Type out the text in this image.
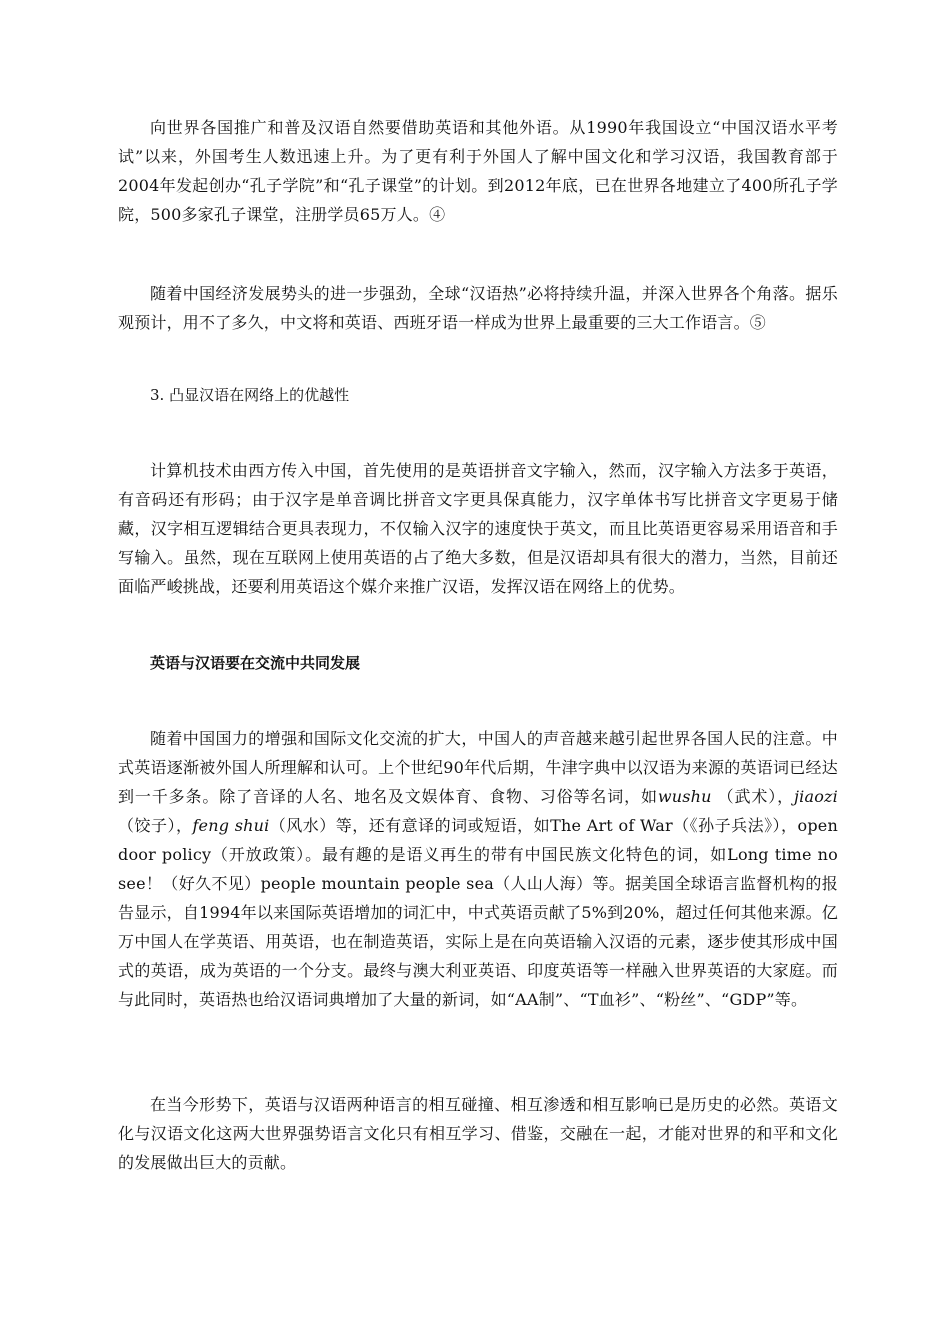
向世界各国推广和普及汉语自然要借助英语和其他外语。从1990年我国设立“中国汉语水平考试”以来，外国考生人数迅速上升。为了更有利于外国人了解中国文化和学习汉语，我国教育部于2004年发起创办“孔子学院”和“孔子课堂”的计划。到2012年底，已在世界各地建立了400所孔子学院，500多家孔子课堂，注册学员65万人。④

随着中国经济发展势头的进一步强劲，全球“汉语热”必将持续升温，并深入世界各个角落。据乐观预计，用不了多久，中文将和英语、西班牙语一样成为世界上最重要的三大工作语言。⑤

3. 凸显汉语在网络上的优越性

计算机技术由西方传入中国，首先使用的是英语拼音文字输入，然而，汉字输入方法多于英语，有音码还有形码；由于汉字是单音调比拼音文字更具保真能力，汉字单体书写比拼音文字更易于储藏，汉字相互逻辑结合更具表现力，不仅输入汉字的速度快于英文，而且比英语更容易采用语音和手写输入。虽然，现在互联网上使用英语的占了绝大多数，但是汉语却具有很大的潜力，当然，目前还面临严峻挑战，还要利用英语这个媒介来推广汉语，发挥汉语在网络上的优势。

英语与汉语要在交流中共同发展

随着中国国力的增强和国际文化交流的扩大，中国人的声音越来越引起世界各国人民的注意。中式英语逐渐被外国人所理解和认可。上个世纪90年代后期，牛津字典中以汉语为来源的英语词已经达到一千多条。除了音译的人名、地名及文娱体育、食物、习俗等名词，如wushu （武术），jiaozi（饺子），feng shui（风水）等，还有意译的词或短语，如The Art of War（《孙子兵法》），open door policy（开放政策）。最有趣的是语义再生的带有中国民族文化特色的词，如Long time no see！（好久不见）people mountain people sea（人山人海）等。据美国全球语言监督机构的报告显示，自1994年以来国际英语增加的词汇中，中式英语贡献了5%到20%，超过任何其他来源。亿万中国人在学英语、用英语，也在制造英语，实际上是在向英语输入汉语的元素，逐步使其形成中国式的英语，成为英语的一个分支。最终与澳大利亚英语、印度英语等一样融入世界英语的大家庭。而与此同时，英语热也给汉语词典增加了大量的新词，如“AA制”、“T血衫”、“粉丝”、“GDP”等。

在当今形势下，英语与汉语两种语言的相互碰撞、相互渗透和相互影响已是历史的必然。英语文化与汉语文化这两大世界强势语言文化只有相互学习、借鉴，交融在一起，才能对世界的和平和文化的发展做出巨大的贡献。
